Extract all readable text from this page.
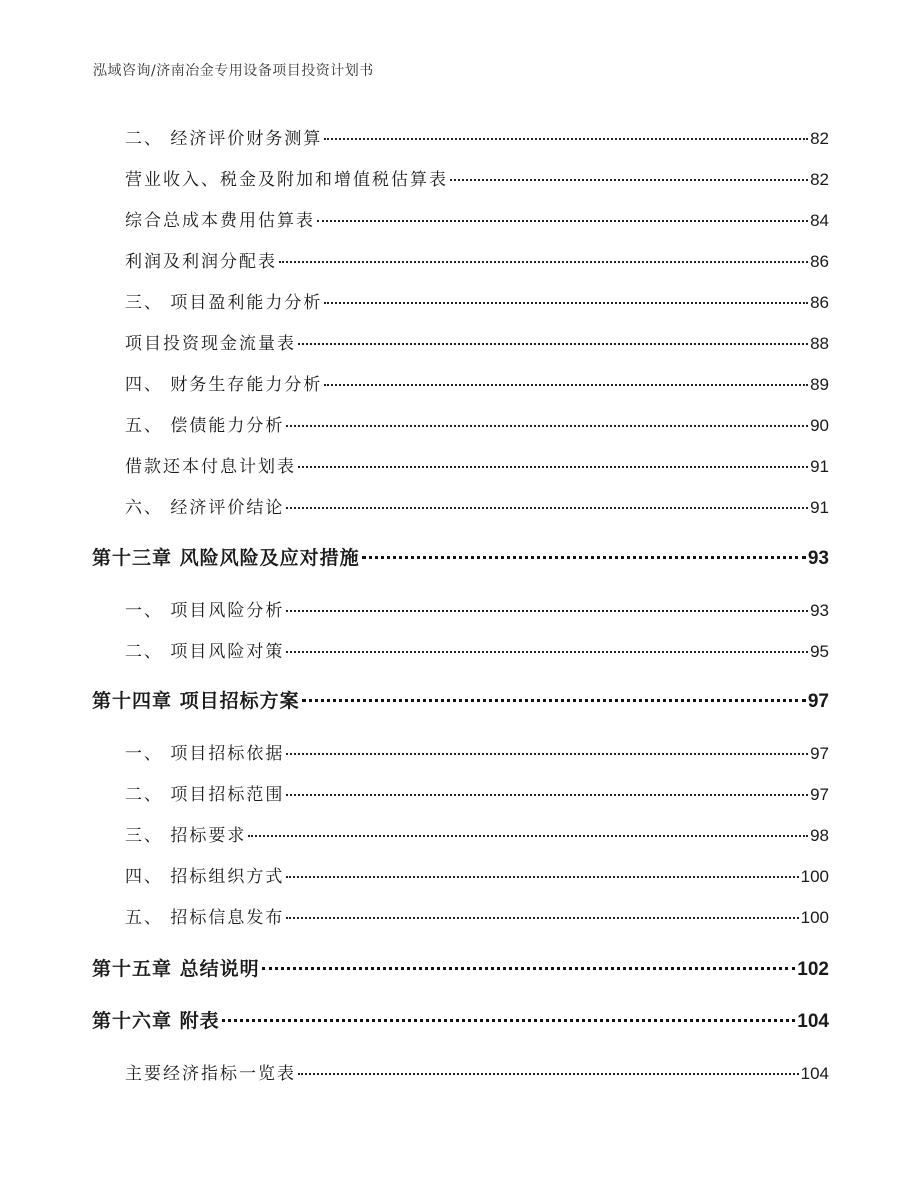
泓域咨询/济南冶金专用设备项目投资计划书
二、 经济评价财务测算	82
营业收入、税金及附加和增值税估算表	82
综合总成本费用估算表	84
利润及利润分配表	86
三、 项目盈利能力分析	86
项目投资现金流量表	88
四、 财务生存能力分析	89
五、 偿债能力分析	90
借款还本付息计划表	91
六、 经济评价结论	91
第十三章 风险风险及应对措施	93
一、 项目风险分析	93
二、 项目风险对策	95
第十四章 项目招标方案	97
一、 项目招标依据	97
二、 项目招标范围	97
三、 招标要求	98
四、 招标组织方式	100
五、 招标信息发布	100
第十五章 总结说明	102
第十六章 附表	104
主要经济指标一览表	104
